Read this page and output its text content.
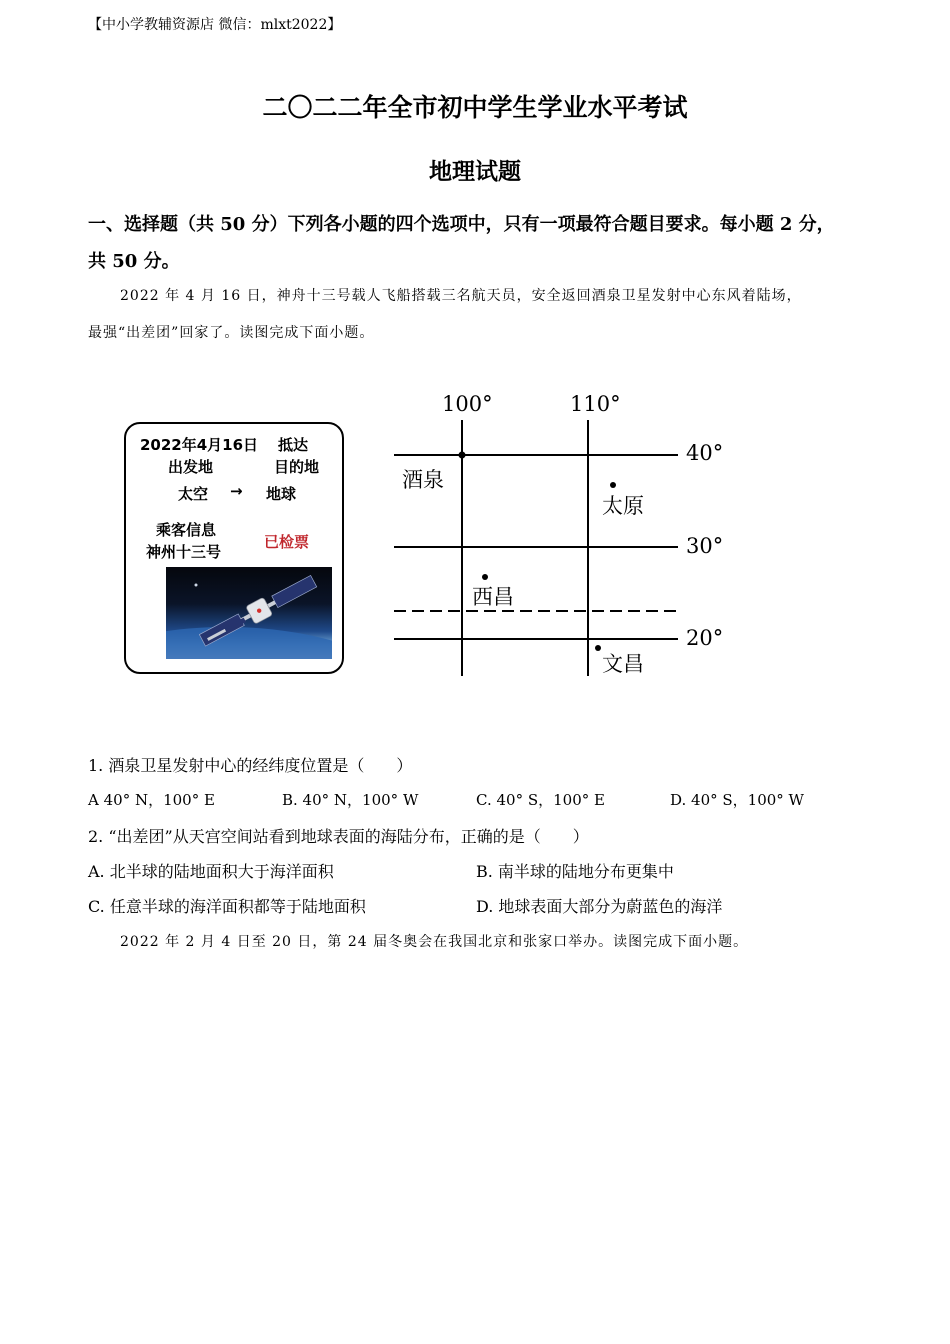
【中小学教辅资源店 微信：mlxt2022】
二〇二二年全市初中学生学业水平考试
地理试题
一、选择题（共 50 分）下列各小题的四个选项中，只有一项最符合题目要求。每小题 2 分，
共 50 分。
2022 年 4 月 16 日，神舟十三号载人飞船搭载三名航天员，安全返回酒泉卫星发射中心东风着陆场，
最强“出差团”回家了。读图完成下面小题。
2022年4月16日 抵达
出发地	目的地
太空 → 地球
乘客信息
神州十三号
已检票
100°	110°
40°
30°
20°
酒泉
太原
西昌
文昌
1. 酒泉卫星发射中心的经纬度位置是（　　）
A 40° N，100° E	B. 40° N，100° W	C. 40° S，100° E	D. 40° S，100° W
2. “出差团”从天宫空间站看到地球表面的海陆分布，正确的是（　　）
A. 北半球的陆地面积大于海洋面积	B. 南半球的陆地分布更集中
C. 任意半球的海洋面积都等于陆地面积	D. 地球表面大部分为蔚蓝色的海洋
2022 年 2 月 4 日至 20 日，第 24 届冬奥会在我国北京和张家口举办。读图完成下面小题。
